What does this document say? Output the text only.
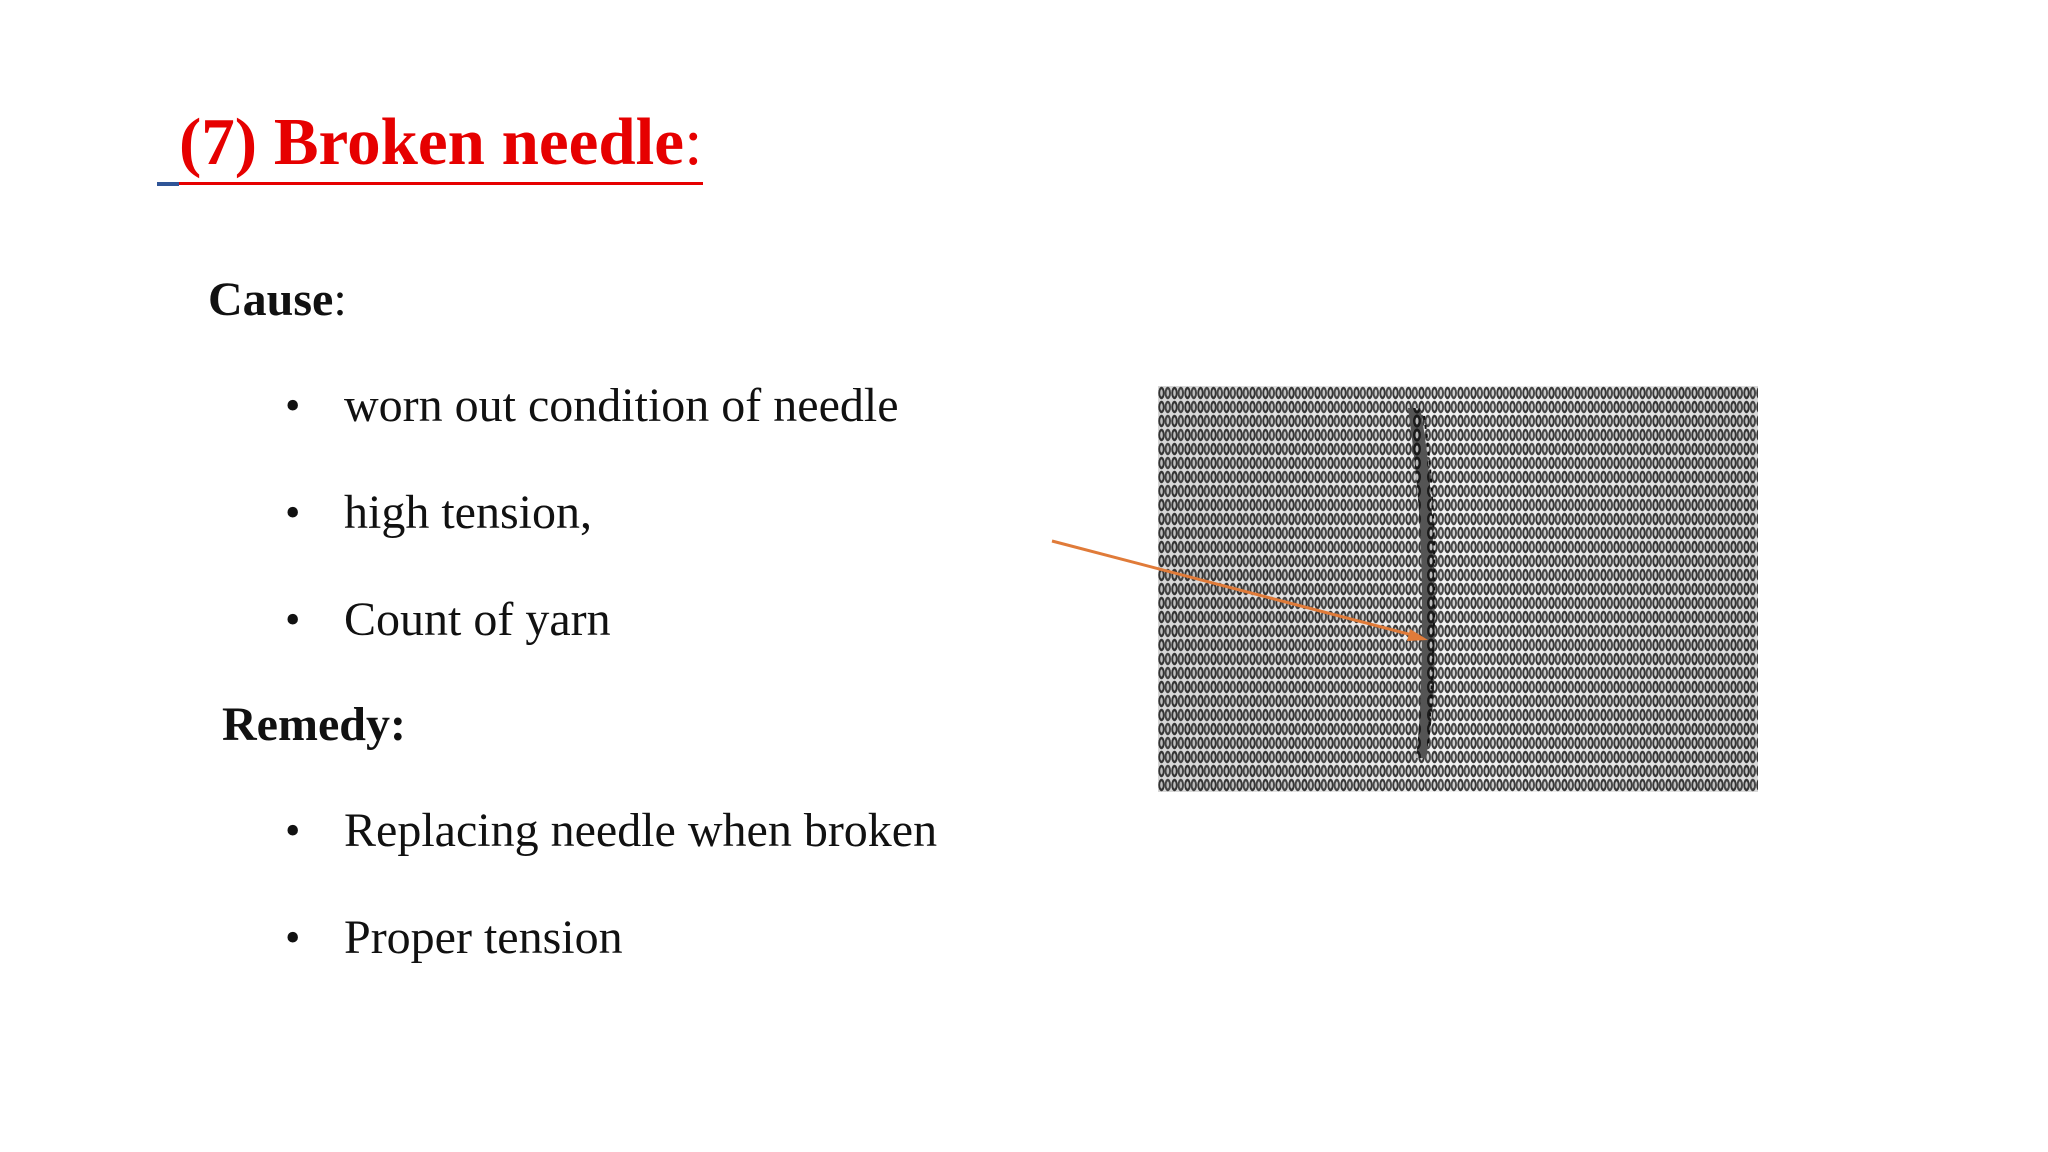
(7) Broken needle:
Cause:
• worn out condition of needle
• high tension,
• Count of yarn
Remedy:
• Replacing needle when broken
• Proper tension
